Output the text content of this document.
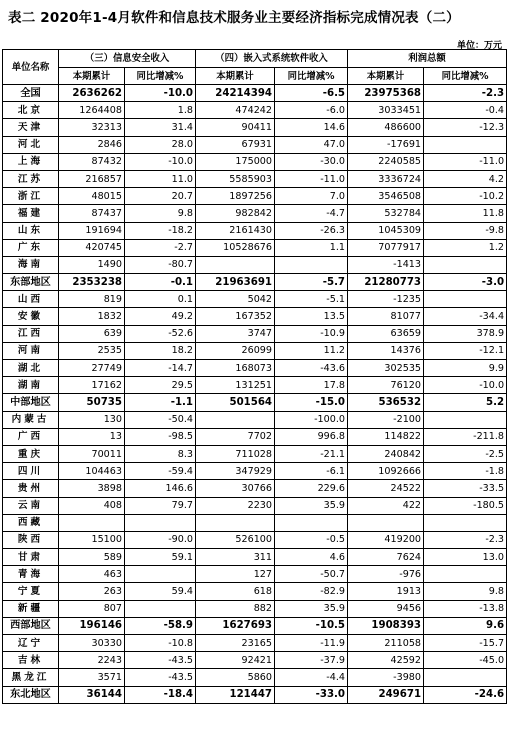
表二 2020年1-4月软件和信息技术服务业主要经济指标完成情况表（二）
单位：万元
单位名称	（三）信息安全收入		（四）嵌入式系统软件收入		利润总额	
	本期累计	同比增减%	本期累计	同比增减%	本期累计	同比增减%
全国	2636262	-10.0	24214394	-6.5	23975368	-2.3
北京	1264408	1.8	474242	-6.0	3033451	-0.4
天津	32313	31.4	90411	14.6	486600	-12.3
河北	2846	28.0	67931	47.0	-17691	
上海	87432	-10.0	175000	-30.0	2240585	-11.0
江苏	216857	11.0	5585903	-11.0	3336724	4.2
浙江	48015	20.7	1897256	7.0	3546508	-10.2
福建	87437	9.8	982842	-4.7	532784	11.8
山东	191694	-18.2	2161430	-26.3	1045309	-9.8
广东	420745	-2.7	10528676	1.1	7077917	1.2
海南	1490	-80.7			-1413	
东部地区	2353238	-0.1	21963691	-5.7	21280773	-3.0
山西	819	0.1	5042	-5.1	-1235	
安徽	1832	49.2	167352	13.5	81077	-34.4
江西	639	-52.6	3747	-10.9	63659	378.9
河南	2535	18.2	26099	11.2	14376	-12.1
湖北	27749	-14.7	168073	-43.6	302535	9.9
湖南	17162	29.5	131251	17.8	76120	-10.0
中部地区	50735	-1.1	501564	-15.0	536532	5.2
内蒙古	130	-50.4		-100.0	-2100	
广西	13	-98.5	7702	996.8	114822	-211.8
重庆	70011	8.3	711028	-21.1	240842	-2.5
四川	104463	-59.4	347929	-6.1	1092666	-1.8
贵州	3898	146.6	30766	229.6	24522	-33.5
云南	408	79.7	2230	35.9	422	-180.5
西藏						
陕西	15100	-90.0	526100	-0.5	419200	-2.3
甘肃	589	59.1	311	4.6	7624	13.0
青海	463		127	-50.7	-976	
宁夏	263	59.4	618	-82.9	1913	9.8
新疆	807		882	35.9	9456	-13.8
西部地区	196146	-58.9	1627693	-10.5	1908393	9.6
辽宁	30330	-10.8	23165	-11.9	211058	-15.7
吉林	2243	-43.5	92421	-37.9	42592	-45.0
黑龙江	3571	-43.5	5860	-4.4	-3980	
东北地区	36144	-18.4	121447	-33.0	249671	-24.6
